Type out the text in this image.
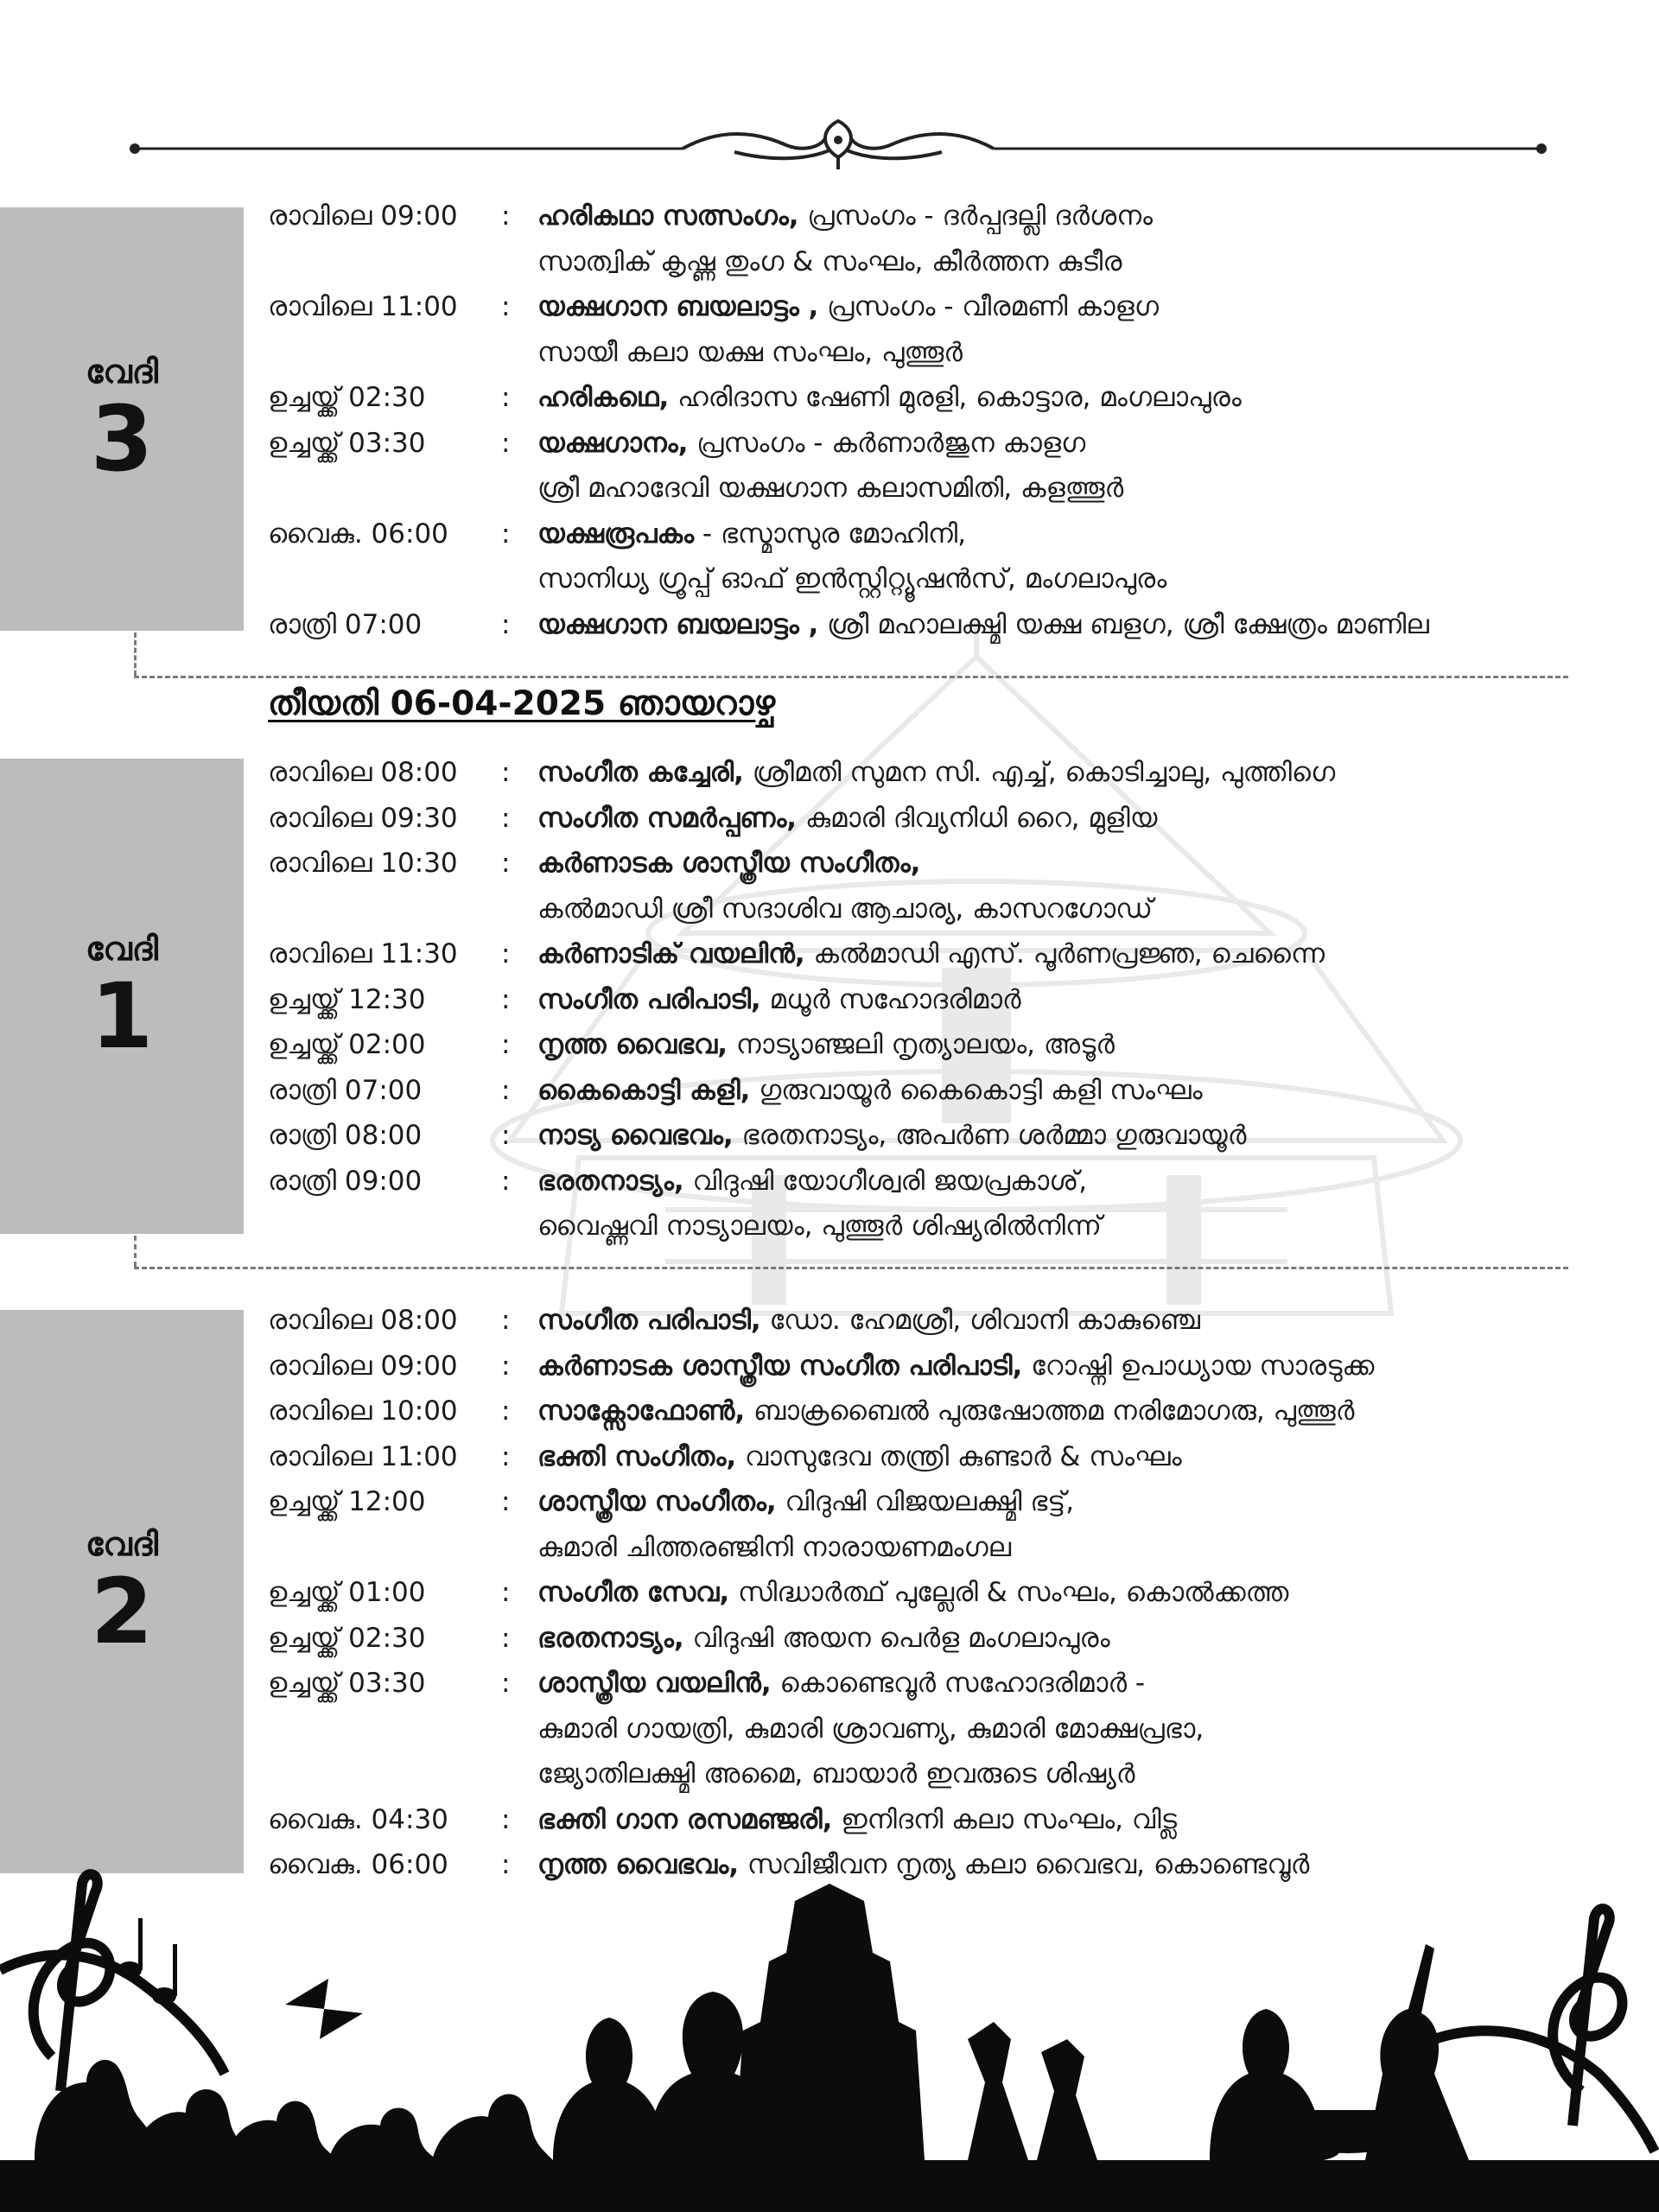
വേദി
3
തീയതി 06-04-2025 ഞായറാഴ്ച
വേദി
1
വേദി
2
രാവിലെ 09:00 : ഹരികഥാ സത്സംഗം, പ്രസംഗം - ദർപ്പദല്ലി ദർശനം
സാത്വിക് കൃഷ്ണ തുംഗ & സംഘം, കീർത്തന കുടീര
രാവിലെ 11:00 : യക്ഷഗാന ബയലാട്ടം , പ്രസംഗം - വീരമണി കാളഗ
സായീ കലാ യക്ഷ സംഘം, പുത്തൂർ
ഉച്ചയ്ക്ക് 02:30	: ഹരികഥെ, ഹരിദാസ ഷേണി മുരളി, കൊട്ടാര, മംഗലാപുരം
ഉച്ചയ്ക്ക് 03:30	: യക്ഷഗാനം, പ്രസംഗം - കർണാർജുന കാളഗ
ശ്രീ മഹാദേവി യക്ഷഗാന കലാസമിതി, കളത്തൂർ
വൈകു. 06:00 : യക്ഷരൂപകം - ഭസ്മാസുര മോഹിനി,
സാനിധ്യ ഗ്രൂപ്പ് ഓഫ് ഇൻസ്റ്റിറ്റ്യൂഷൻസ്, മംഗലാപുരം
രാത്രി 07:00	: യക്ഷഗാന ബയലാട്ടം , ശ്രീ മഹാലക്ഷ്മി യക്ഷ ബളഗ, ശ്രീ ക്ഷേത്രം മാണില
രാവിലെ 08:00 : സംഗീത കച്ചേരി, ശ്രീമതി സുമന സി. എച്ച്, കൊടിച്ചാലു, പുത്തിഗെ
രാവിലെ 09:30 : സംഗീത സമർപ്പണം, കുമാരി ദിവ്യനിധി റൈ, മുളിയ
രാവിലെ 10:30 : കർണാടക ശാസ്ത്രീയ സംഗീതം,
കൽമാഡി ശ്രീ സദാശിവ ആചാര്യ, കാസറഗോഡ്
രാവിലെ 11:30 : കർണാടിക് വയലിൻ, കൽമാഡി എസ്. പൂർണപ്രജ്ഞ, ചെന്നൈ
ഉച്ചയ്ക്ക് 12:30	: സംഗീത പരിപാടി, മധൂർ സഹോദരിമാർ
ഉച്ചയ്ക്ക് 02:00	: നൃത്ത വൈഭവ, നാട്യാഞ്ജലി നൃത്യാലയം, അടൂർ
രാത്രി 07:00	: കൈകൊട്ടി കളി, ഗുരുവായൂർ കൈകൊട്ടി കളി സംഘം
രാത്രി 08:00	: നാട്യ വൈഭവം, ഭരതനാട്യം, അപർണ ശർമ്മാ ഗുരുവായൂർ
രാത്രി 09:00	: ഭരതനാട്യം, വിദുഷി യോഗീശ്വരി ജയപ്രകാശ്,
വൈഷ്ണവി നാട്യാലയം, പുത്തൂർ ശിഷ്യരിൽനിന്ന്
രാവിലെ 08:00 : സംഗീത പരിപാടി, ഡോ. ഹേമശ്രീ, ശിവാനി കാകുഞ്ചെ
രാവിലെ 09:00 : കർണാടക ശാസ്ത്രീയ സംഗീത പരിപാടി, റോഷ്നി ഉപാധ്യായ സാരടുക്ക
രാവിലെ 10:00 : സാക്സോഫോൺ, ബാക്രബൈൽ പുരുഷോത്തമ നരിമോഗരു, പുത്തൂർ
രാവിലെ 11:00 : ഭക്തി സംഗീതം, വാസുദേവ തന്ത്രി കുണ്ടാർ & സംഘം
ഉച്ചയ്ക്ക് 12:00	: ശാസ്ത്രീയ സംഗീതം, വിദുഷി വിജയലക്ഷ്മി ഭട്ട്,
കുമാരി ചിത്തരഞ്ജിനി നാരായണമംഗല
ഉച്ചയ്ക്ക് 01:00	: സംഗീത സേവ, സിദ്ധാർത്ഥ് പുല്ലേരി & സംഘം, കൊൽക്കത്ത
ഉച്ചയ്ക്ക് 02:30	: ഭരതനാട്യം, വിദുഷി അയന പെർള മംഗലാപുരം
ഉച്ചയ്ക്ക് 03:30	: ശാസ്ത്രീയ വയലിൻ, കൊണ്ടെവൂർ സഹോദരിമാർ -
കുമാരി ഗായത്രി, കുമാരി ശ്രാവണ്യ, കുമാരി മോക്ഷപ്രഭാ,
ജ്യോതിലക്ഷ്മി അമൈ, ബായാർ ഇവരുടെ ശിഷ്യർ
വൈകു. 04:30 : ഭക്തി ഗാന രസമഞ്ജരി, ഇനിദനി കലാ സംഘം, വിട്ല
വൈകു. 06:00 : നൃത്ത വൈഭവം, സവിജീവന നൃത്യ കലാ വൈഭവ, കൊണ്ടെവൂർ
